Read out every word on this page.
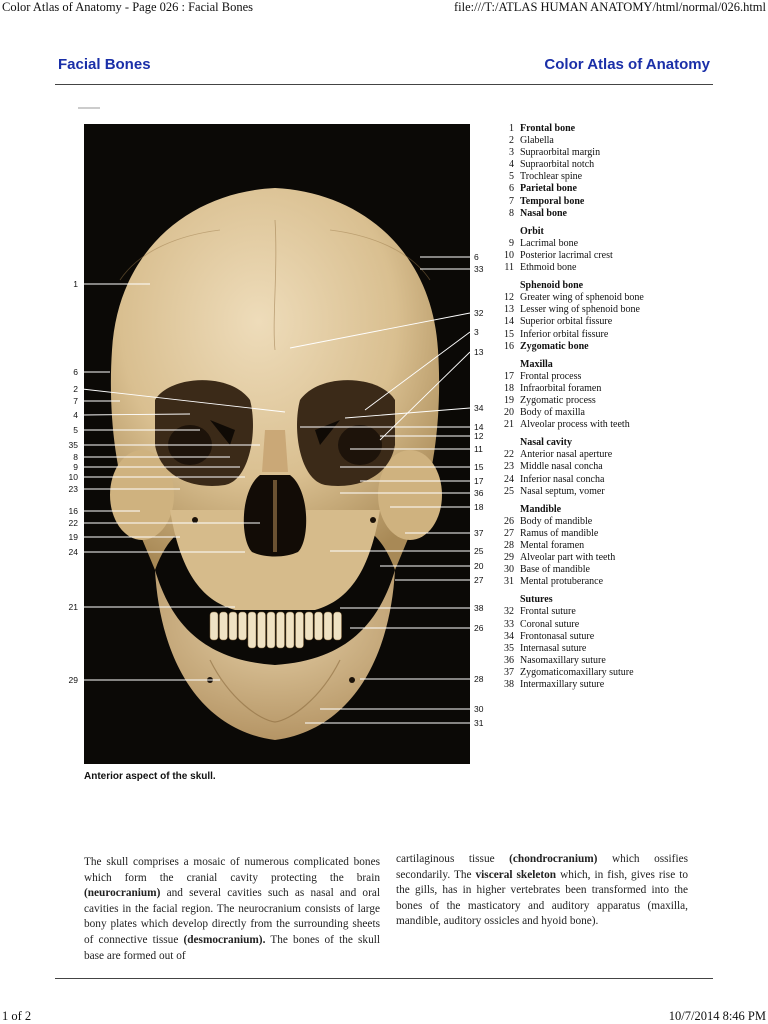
Color Atlas of Anatomy - Page 026 : Facial Bones	file:///T:/ATLAS HUMAN ANATOMY/html/normal/026.html
Facial Bones	Color Atlas of Anatomy
1
6
2
7
4
5
35
8
9
10
23
16
22
19
24
21
29
6
33
32
3
13
34
14
12
11
15
17
36
18
37
25
20
27
38
26
28
30
31
1 Frontal bone
2 Glabella
3 Supraorbital margin
4 Supraorbital notch
5 Trochlear spine
6 Parietal bone
7 Temporal bone
8 Nasal bone
Orbit
9 Lacrimal bone
10 Posterior lacrimal crest
11 Ethmoid bone
Sphenoid bone
12 Greater wing of sphenoid bone
13 Lesser wing of sphenoid bone
14 Superior orbital fissure
15 Inferior orbital fissure
16 Zygomatic bone
Maxilla
17 Frontal process
18 Infraorbital foramen
19 Zygomatic process
20 Body of maxilla
21 Alveolar process with teeth
Nasal cavity
22 Anterior nasal aperture
23 Middle nasal concha
24 Inferior nasal concha
25 Nasal septum, vomer
Mandible
26 Body of mandible
27 Ramus of mandible
28 Mental foramen
29 Alveolar part with teeth
30 Base of mandible
31 Mental protuberance
Sutures
32 Frontal suture
33 Coronal suture
34 Frontonasal suture
35 Internasal suture
36 Nasomaxillary suture
37 Zygomaticomaxillary suture
38 Intermaxillary suture
Anterior aspect of the skull.
The skull comprises a mosaic of numerous complicated bones which form the cranial cavity protecting the brain (neurocranium) and several cavities such as nasal and oral cavities in the facial region. The neurocranium consists of large bony plates which develop directly from the surrounding sheets of connective tissue (desmocranium). The bones of the skull base are formed out of
cartilaginous tissue (chondrocranium) which ossifies secondarily. The visceral skeleton which, in fish, gives rise to the gills, has in higher vertebrates been transformed into the bones of the masticatory and auditory apparatus (maxilla, mandible, auditory ossicles and hyoid bone).
1 of 2	10/7/2014 8:46 PM
